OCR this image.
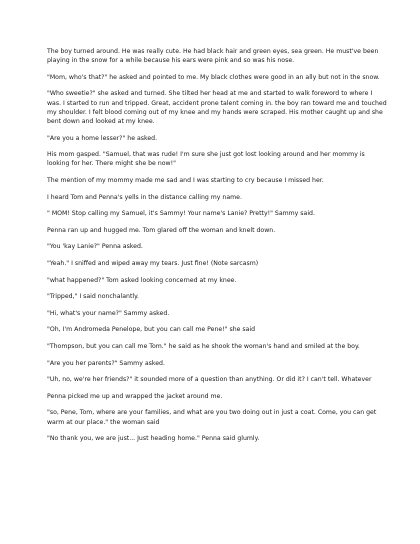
The boy turned around. He was really cute. He had black hair and green eyes, sea green. He must've been playing in the snow for a while because his ears were pink and so was his nose.

"Mom, who's that?" he asked and pointed to me. My black clothes were good in an ally but not in the snow.

"Who sweetie?" she asked and turned. She tilted her head at me and started to walk foreword to where I was. I started to run and tripped. Great, accident prone talent coming in. the boy ran toward me and touched my shoulder. I felt blood coming out of my knee and my hands were scraped. His mother caught up and she bent down and looked at my knee.

"Are you a home lesser?" he asked.

His mom gasped. "Samuel, that was rude! I'm sure she just got lost looking around and her mommy is looking for her. There might she be now!"

The mention of my mommy made me sad and I was starting to cry because I missed her.

I heard Tom and Penna's yells in the distance calling my name.

" MOM! Stop calling my Samuel, it's Sammy! Your name's Lanie? Pretty!" Sammy said.

Penna ran up and hugged me. Tom glared off the woman and knelt down.

"You 'kay Lanie?" Penna asked.

"Yeah." I sniffed and wiped away my tears. Just fine! (Note sarcasm)

"what happened?" Tom asked looking concerned at my knee.

"Tripped," I said nonchalantly.

"Hi, what's your name?" Sammy asked.

"Oh, I'm Andromeda Penelope, but you can call me Pene!" she said

"Thompson, but you can call me Tom." he said as he shook the woman's hand and smiled at the boy.

"Are you her parents?" Sammy asked.

"Uh, no, we're her friends?" it sounded more of a question than anything. Or did it? I can't tell. Whatever

Penna picked me up and wrapped the jacket around me.

"so, Pene, Tom, where are your families, and what are you two doing out in just a coat. Come, you can get warm at our place." the woman said

"No thank you, we are just... Just heading home." Penna said glumly.
